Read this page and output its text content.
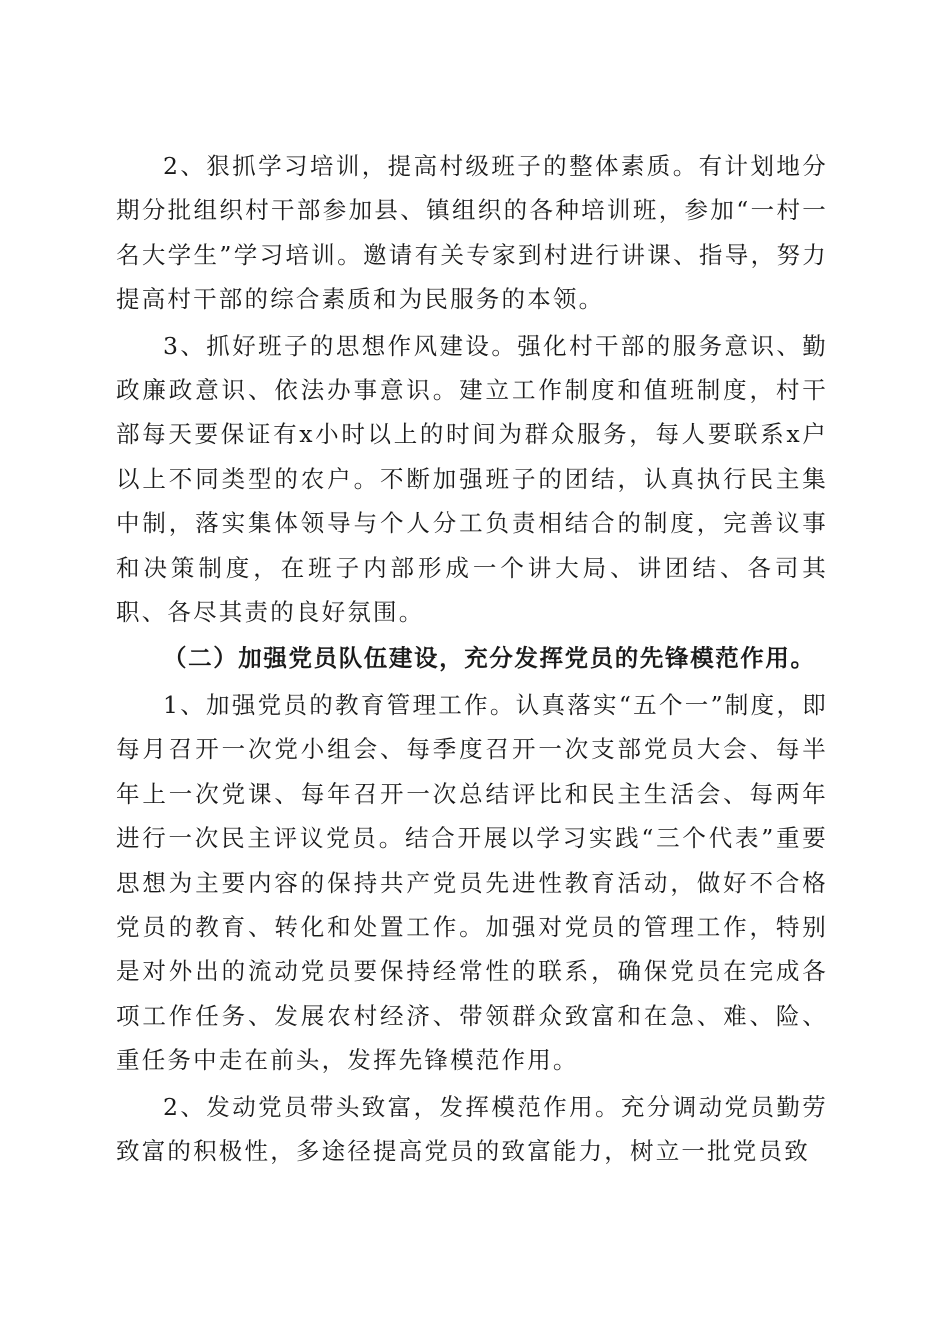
2、狠抓学习培训，提高村级班子的整体素质。有计划地分期分批组织村干部参加县、镇组织的各种培训班，参加“一村一名大学生”学习培训。邀请有关专家到村进行讲课、指导，努力提高村干部的综合素质和为民服务的本领。

3、抓好班子的思想作风建设。强化村干部的服务意识、勤政廉政意识、依法办事意识。建立工作制度和值班制度，村干部每天要保证有x小时以上的时间为群众服务，每人要联系x户以上不同类型的农户。不断加强班子的团结，认真执行民主集中制，落实集体领导与个人分工负责相结合的制度，完善议事和决策制度，在班子内部形成一个讲大局、讲团结、各司其职、各尽其责的良好氛围。

（二）加强党员队伍建设，充分发挥党员的先锋模范作用。

1、加强党员的教育管理工作。认真落实“五个一”制度，即每月召开一次党小组会、每季度召开一次支部党员大会、每半年上一次党课、每年召开一次总结评比和民主生活会、每两年进行一次民主评议党员。结合开展以学习实践“三个代表”重要思想为主要内容的保持共产党员先进性教育活动，做好不合格党员的教育、转化和处置工作。加强对党员的管理工作，特别是对外出的流动党员要保持经常性的联系，确保党员在完成各项工作任务、发展农村经济、带领群众致富和在急、难、险、重任务中走在前头，发挥先锋模范作用。

2、发动党员带头致富，发挥模范作用。充分调动党员勤劳致富的积极性，多途径提高党员的致富能力，树立一批党员致
